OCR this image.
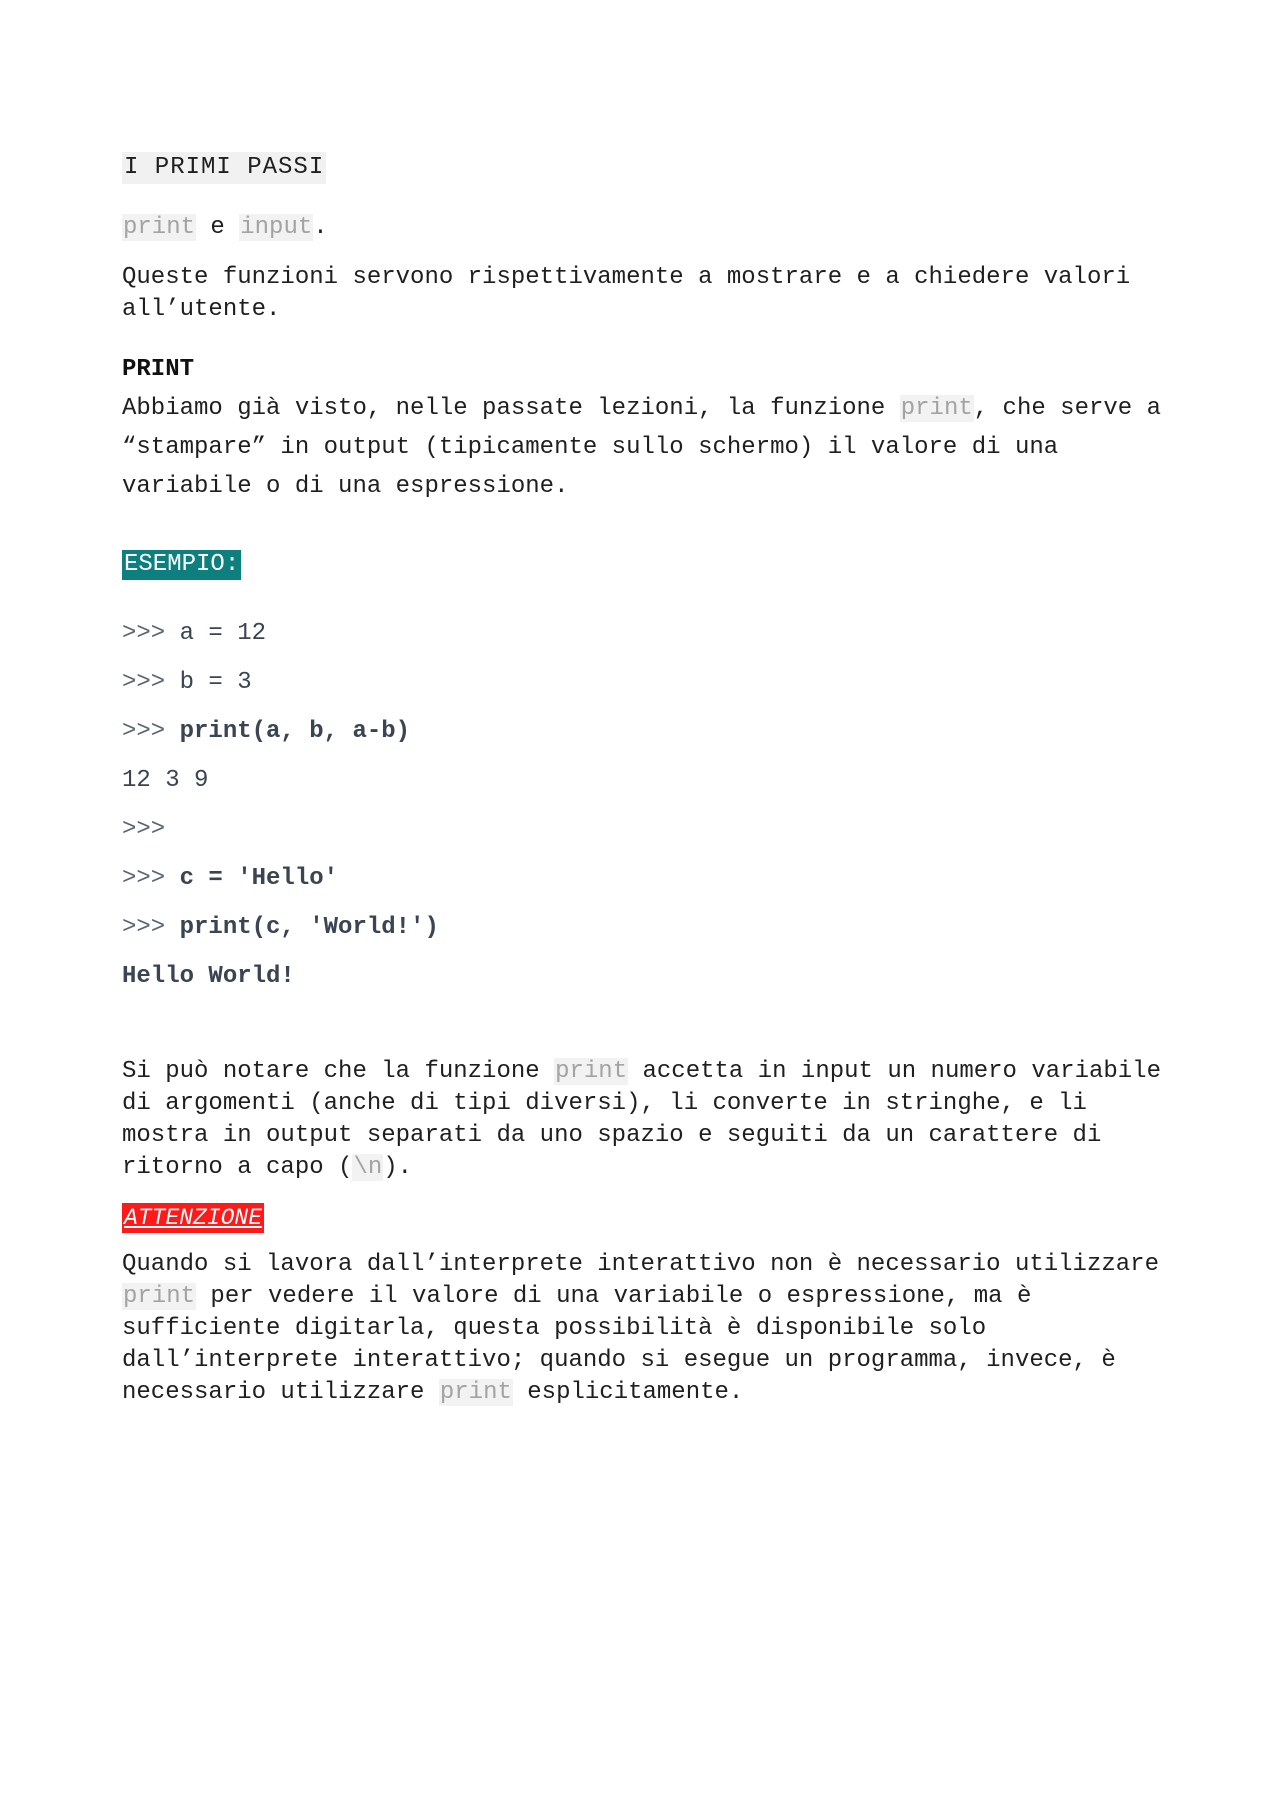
I PRIMI PASSI
print e input.
Queste funzioni servono rispettivamente a mostrare e a chiedere valori all’utente.
PRINT
Abbiamo già visto, nelle passate lezioni, la funzione print, che serve a “stampare” in output (tipicamente sullo schermo) il valore di una variabile o di una espressione.
ESEMPIO:
>>> a = 12
>>> b = 3
>>> print(a, b, a-b)
12 3 9
>>>
>>> c = 'Hello'
>>> print(c, 'World!')
Hello World!
Si può notare che la funzione print accetta in input un numero variabile di argomenti (anche di tipi diversi), li converte in stringhe, e li mostra in output separati da uno spazio e seguiti da un carattere di ritorno a capo (\n).
ATTENZIONE
Quando si lavora dall’interprete interattivo non è necessario utilizzare print per vedere il valore di una variabile o espressione, ma è sufficiente digitarla, questa possibilità è disponibile solo dall’interprete interattivo; quando si esegue un programma, invece, è necessario utilizzare print esplicitamente.
